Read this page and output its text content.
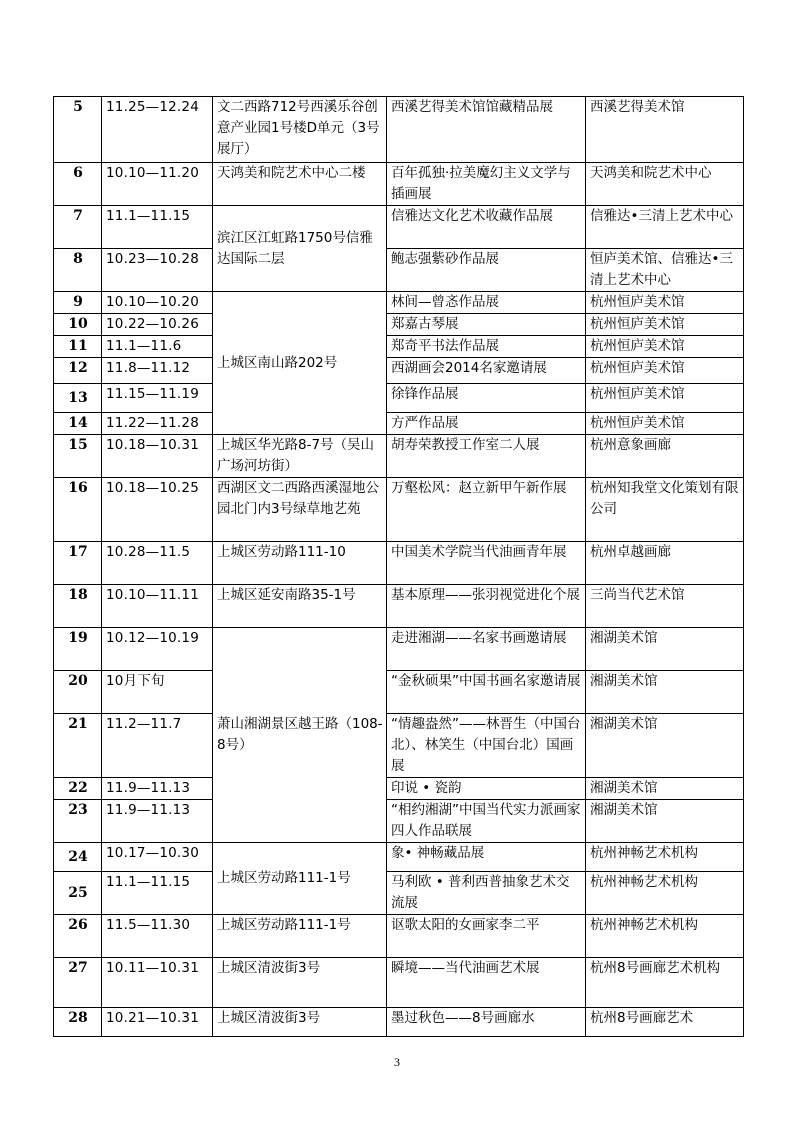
5	11.25—12.24	文二西路712号西溪乐谷创意产业园1号楼D单元（3号展厅）	西溪艺得美术馆馆藏精品展	西溪艺得美术馆
6	10.10—11.20	天鸿美和院艺术中心二楼	百年孤独·拉美魔幻主义文学与插画展	天鸿美和院艺术中心
7	11.1—11.15	滨江区江虹路1750号信雅达国际二层	信雅达文化艺术收藏作品展	信雅达•三清上艺术中心
8	10.23—10.28		鲍志强紫砂作品展	恒庐美术馆、信雅达•三清上艺术中心
9	10.10—10.20	上城区南山路202号	林间—曾忞作品展	杭州恒庐美术馆
10	10.22—10.26		郑嘉古琴展	杭州恒庐美术馆
11	11.1—11.6		郑奇平书法作品展	杭州恒庐美术馆
12	11.8—11.12		西湖画会2014名家邀请展	杭州恒庐美术馆
13	11.15—11.19		徐锋作品展	杭州恒庐美术馆
14	11.22—11.28		方严作品展	杭州恒庐美术馆
15	10.18—10.31	上城区华光路8-7号（吴山广场河坊街）	胡寿荣教授工作室二人展	杭州意象画廊
16	10.18—10.25	西湖区文二西路西溪湿地公园北门内3号绿草地艺苑	万壑松风：赵立新甲午新作展	杭州知我堂文化策划有限公司
17	10.28—11.5	上城区劳动路111-10	中国美术学院当代油画青年展	杭州卓越画廊
18	10.10—11.11	上城区延安南路35-1号	基本原理——张羽视觉进化个展	三尚当代艺术馆
19	10.12—10.19	萧山湘湖景区越王路（108-8号）	走进湘湖——名家书画邀请展	湘湖美术馆
20	10月下旬		“金秋硕果”中国书画名家邀请展	湘湖美术馆
21	11.2—11.7		“情趣盎然”——林晋生（中国台北）、林笑生（中国台北）国画展	湘湖美术馆
22	11.9—11.13		印说 • 瓷韵	湘湖美术馆
23	11.9—11.13		“相约湘湖”中国当代实力派画家四人作品联展	湘湖美术馆
24	10.17—10.30	上城区劳动路111-1号	象• 神畅藏品展	杭州神畅艺术机构
25	11.1—11.15		马利欧 • 普利西普抽象艺术交流展	杭州神畅艺术机构
26	11.5—11.30	上城区劳动路111-1号	讴歌太阳的女画家李二平	杭州神畅艺术机构
27	10.11—10.31	上城区清波街3号	瞬境——当代油画艺术展	杭州8号画廊艺术机构
28	10.21—10.31	上城区清波街3号	墨过秋色——8号画廊水	杭州8号画廊艺术
3
